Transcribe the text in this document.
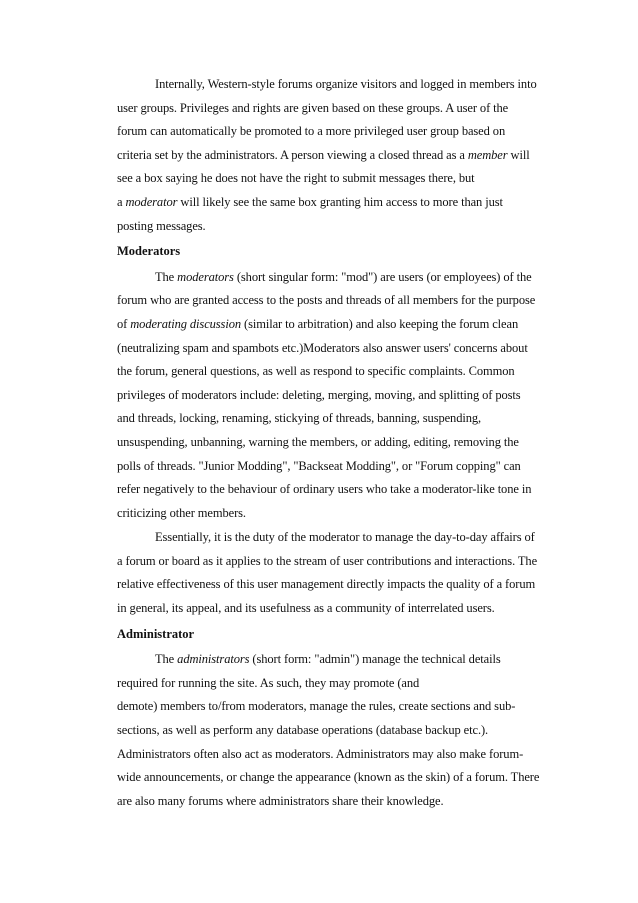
Internally, Western-style forums organize visitors and logged in members into
user groups. Privileges and rights are given based on these groups. A user of the
forum can automatically be promoted to a more privileged user group based on
criteria set by the administrators. A person viewing a closed thread as a member will
see a box saying he does not have the right to submit messages there, but
a moderator will likely see the same box granting him access to more than just
posting messages.
Moderators
The moderators (short singular form: "mod") are users (or employees) of the
forum who are granted access to the posts and threads of all members for the purpose
of moderating discussion (similar to arbitration) and also keeping the forum clean
(neutralizing spam and spambots etc.)Moderators also answer users' concerns about
the forum, general questions, as well as respond to specific complaints. Common
privileges of moderators include: deleting, merging, moving, and splitting of posts
and threads, locking, renaming, stickying of threads, banning, suspending,
unsuspending, unbanning, warning the members, or adding, editing, removing the
polls of threads. "Junior Modding", "Backseat Modding", or "Forum copping" can
refer negatively to the behaviour of ordinary users who take a moderator-like tone in
criticizing other members.
Essentially, it is the duty of the moderator to manage the day-to-day affairs of
a forum or board as it applies to the stream of user contributions and interactions. The
relative effectiveness of this user management directly impacts the quality of a forum
in general, its appeal, and its usefulness as a community of interrelated users.
Administrator
The administrators (short form: "admin") manage the technical details
required for running the site. As such, they may promote (and
demote) members to/from moderators, manage the rules, create sections and sub-
sections, as well as perform any database operations (database backup etc.).
Administrators often also act as moderators. Administrators may also make forum-
wide announcements, or change the appearance (known as the skin) of a forum. There
are also many forums where administrators share their knowledge.
